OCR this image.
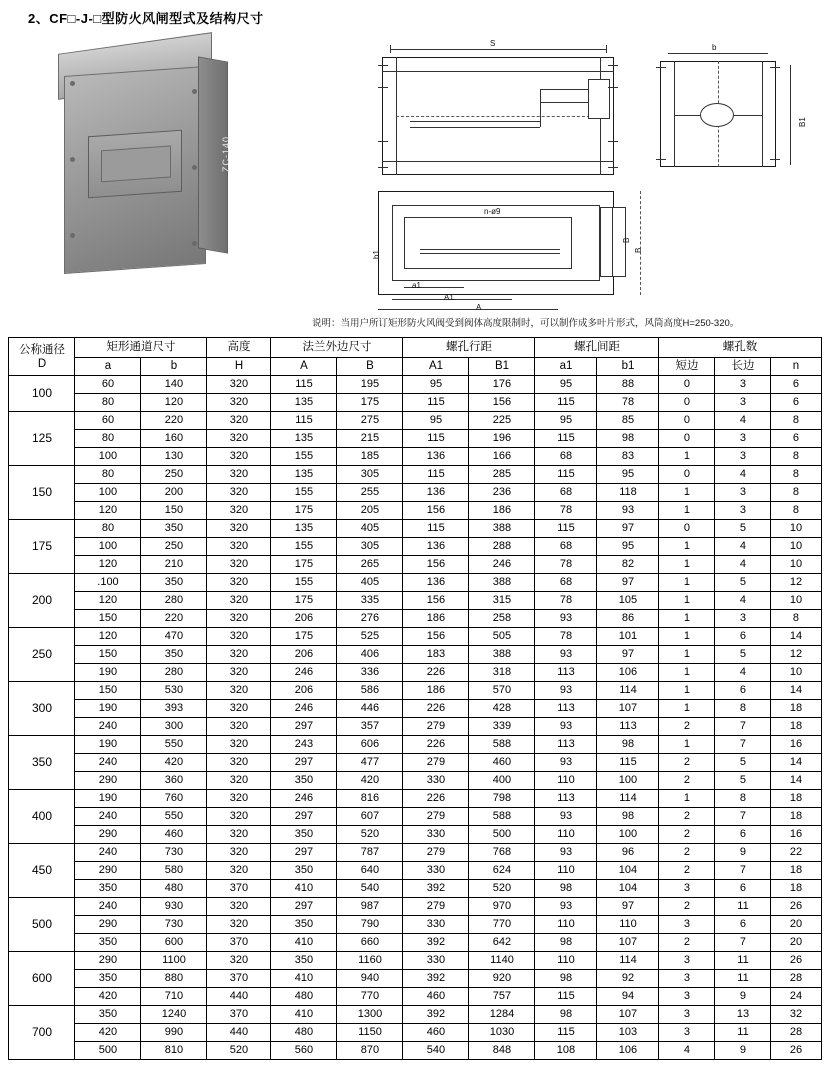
2、CF□-J-□型防火风闸型式及结构尺寸
ZC-140
S	b
B1
n-ø9
b1
B
B
a1
A1
A
说明：当用户所订矩形防火风阀受到阀体高度限制时，可以制作成多叶片形式，风筒高度H=250-320。
公称通径
D	矩形通道尺寸		高度	法兰外边尺寸		螺孔行距		螺孔间距		螺孔数		
	a	b	H	A	B	A1	B1	a1	b1	短边	长边	n
100	60	140	320	115	195	95	176	95	88	0	3	6
	80	120	320	135	175	115	156	115	78	0	3	6
125	60	220	320	115	275	95	225	95	85	0	4	8
	80	160	320	135	215	115	196	115	98	0	3	6
	100	130	320	155	185	136	166	68	83	1	3	8
150	80	250	320	135	305	115	285	115	95	0	4	8
	100	200	320	155	255	136	236	68	118	1	3	8
	120	150	320	175	205	156	186	78	93	1	3	8
175	80	350	320	135	405	115	388	115	97	0	5	10
	100	250	320	155	305	136	288	68	95	1	4	10
	120	210	320	175	265	156	246	78	82	1	4	10
200	.100	350	320	155	405	136	388	68	97	1	5	12
	120	280	320	175	335	156	315	78	105	1	4	10
	150	220	320	206	276	186	258	93	86	1	3	8
250	120	470	320	175	525	156	505	78	101	1	6	14
	150	350	320	206	406	183	388	93	97	1	5	12
	190	280	320	246	336	226	318	113	106	1	4	10
300	150	530	320	206	586	186	570	93	114	1	6	14
	190	393	320	246	446	226	428	113	107	1	8	18
	240	300	320	297	357	279	339	93	113	2	7	18
350	190	550	320	243	606	226	588	113	98	1	7	16
	240	420	320	297	477	279	460	93	115	2	5	14
	290	360	320	350	420	330	400	110	100	2	5	14
400	190	760	320	246	816	226	798	113	114	1	8	18
	240	550	320	297	607	279	588	93	98	2	7	18
	290	460	320	350	520	330	500	110	100	2	6	16
450	240	730	320	297	787	279	768	93	96	2	9	22
	290	580	320	350	640	330	624	110	104	2	7	18
	350	480	370	410	540	392	520	98	104	3	6	18
500	240	930	320	297	987	279	970	93	97	2	11	26
	290	730	320	350	790	330	770	110	110	3	6	20
	350	600	370	410	660	392	642	98	107	2	7	20
600	290	1100	320	350	1160	330	1140	110	114	3	11	26
	350	880	370	410	940	392	920	98	92	3	11	28
	420	710	440	480	770	460	757	115	94	3	9	24
700	350	1240	370	410	1300	392	1284	98	107	3	13	32
	420	990	440	480	1150	460	1030	115	103	3	11	28
	500	810	520	560	870	540	848	108	106	4	9	26
